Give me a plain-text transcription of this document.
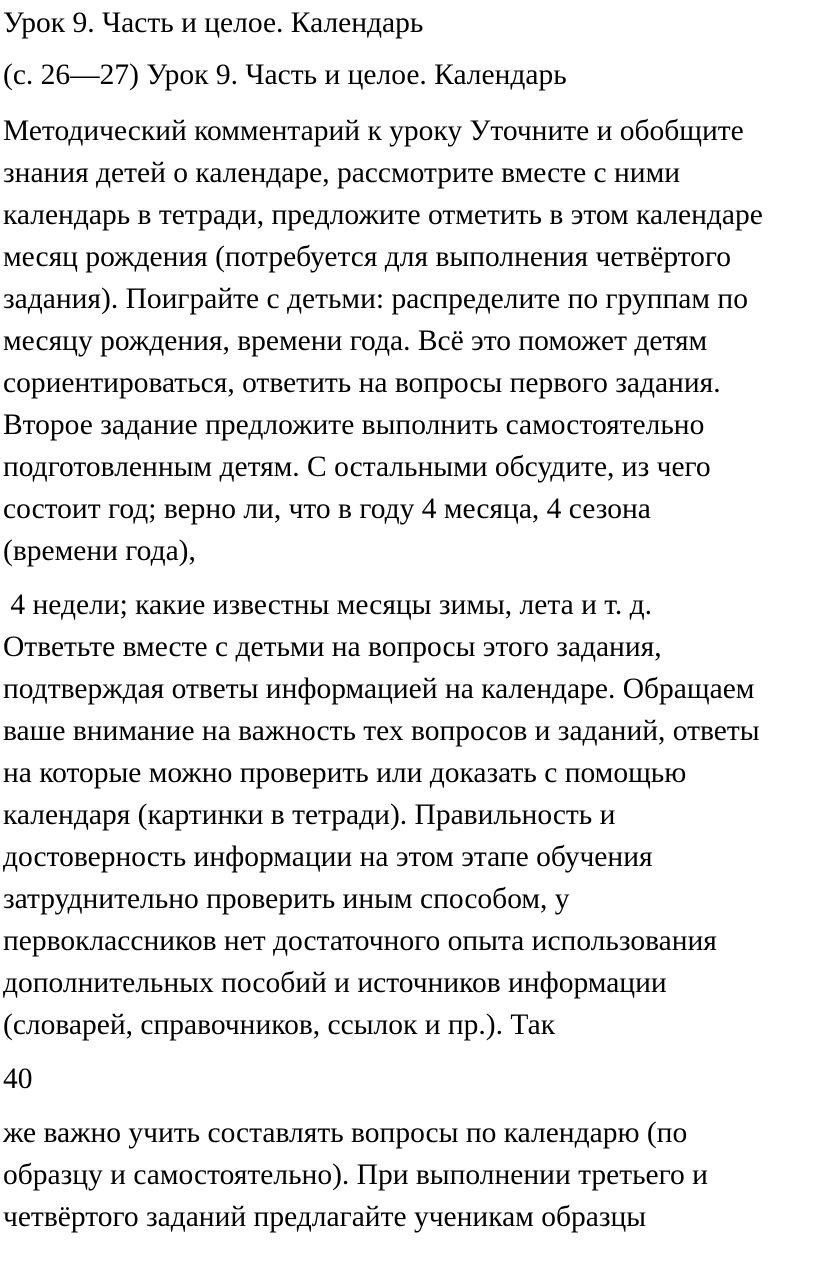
Урок 9. Часть и целое. Календарь
(с. 26—27) Урок 9. Часть и целое. Календарь
Методический комментарий к уроку Уточните и обобщите
знания детей о календаре, рассмотрите вместе с ними
календарь в тетради, предложите отметить в этом календаре
месяц рождения (потребуется для выполнения четвёртого
задания). Поиграйте с детьми: распределите по группам по
месяцу рождения, времени года. Всё это поможет детям
сориентироваться, ответить на вопросы первого задания.
Второе задание предложите выполнить самостоятельно
подготовленным детям. С остальными обсудите, из чего
состоит год; верно ли, что в году 4 месяца, 4 сезона
(времени года),
4 недели; какие известны месяцы зимы, лета и т. д.
Ответьте вместе с детьми на вопросы этого задания,
подтверждая ответы информацией на календаре. Обращаем
ваше внимание на важность тех вопросов и заданий, ответы
на которые можно проверить или доказать с помощью
календаря (картинки в тетради). Правильность и
достоверность информации на этом этапе обучения
затруднительно проверить иным способом, у
первоклассников нет достаточного опыта использования
дополнительных пособий и источников информации
(словарей, справочников, ссылок и пр.). Так
40
же важно учить составлять вопросы по календарю (по
образцу и самостоятельно). При выполнении третьего и
четвёртого заданий предлагайте ученикам образцы
